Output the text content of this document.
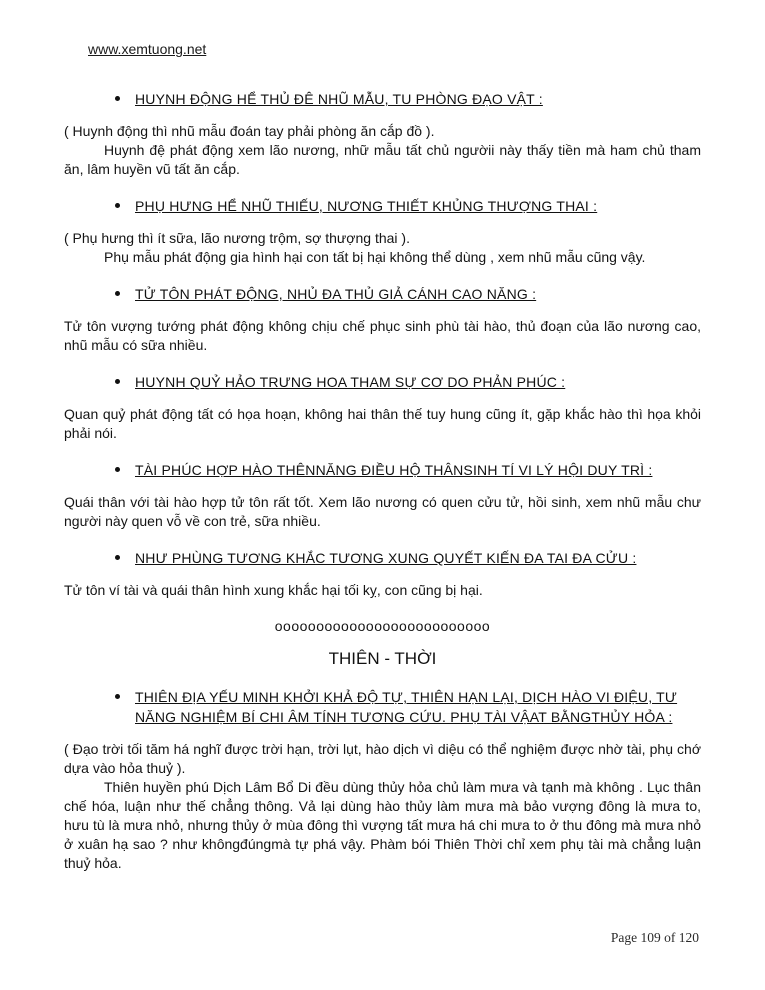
www.xemtuong.net
HUYNH ĐỘNG HỂ THỦ ĐÊ NHŨ MẪU, TU PHÒNG ĐẠO VẬT :

( Huynh động thì nhũ mẫu đoán tay phải phòng ăn cắp đồ ).

Huynh đệ phát động xem lão nương, nhữ mẫu tất chủ ngườii này thấy tiền mà ham chủ tham ăn, lâm huyền vũ tất ăn cắp.

PHỤ HƯNG HỂ NHŨ THIẾU, NƯƠNG THIẾT KHỦNG THƯỢNG THAI :

( Phụ hưng thì ít sữa, lão nương trộm, sợ thượng thai ).

Phụ mẫu phát động gia hình hại con tất bị hại không thể dùng , xem nhũ mẫu cũng vậy.

TỬ TÔN PHÁT ĐỘNG, NHỦ ĐA THỦ GIẢ CÁNH CAO NĂNG :

Tử tôn vượng tướng phát động không chịu chế phục sinh phù tài hào, thủ đoạn của lão nương cao, nhũ mẫu có sữa nhiều.

HUYNH QUỶ HẢO TRƯNG HOA THAM SỰ CƠ DO PHẢN PHÚC :

Quan quỷ phát động tất có họa hoạn, không hai thân thế tuy hung cũng ít, gặp khắc hào thì họa khỏi phải nói.

TÀI PHÚC HỢP HÀO THÊNNĂNG ĐIỀU HỘ THÂNSINH TÍ VI LÝ HỘI DUY TRÌ :

Quái thân với tài hào hợp tử tôn rất tốt. Xem lão nương có quen cửu tử, hồi sinh, xem nhũ mẫu chư người này quen vỗ về con trẻ, sữa nhiều.

NHƯ PHÙNG TƯƠNG KHẮC TƯƠNG XUNG QUYẾT KIẾN ĐA TAI ĐA CỬU :

Tử tôn ví tài và quái thân hình xung khắc hại tối kỵ, con cũng bị hại.

oooooooooooooooooooooooooo
THIÊN - THỜI
THIÊN ĐỊA YẾU MINH KHỞI KHẢ ĐỘ TỰ, THIÊN HẠN LẠI, DỊCH HÀO VI ĐIỆU, TƯ NĂNG NGHIỆM BÍ CHI ÂM TÍNH TƯƠNG CỨU. PHỤ TÀI VẬAT BẰNGTHỦY HỎA :

( Đạo trời tối tăm há nghĩ được trời hạn, trời lụt, hào dịch vì diệu có thể nghiệm được nhờ tài, phụ chớ dựa vào hỏa thuỷ ).

Thiên huyền phú Dịch Lâm Bổ Di đều dùng thủy hỏa chủ làm mưa và tạnh mà không . Lục thân chế hóa, luận như thế chẳng thông. Vả lại dùng hào thủy làm mưa mà bảo vượng đông là mưa to, hưu tù là mưa nhỏ, nhưng thủy ở mùa đông thì vượng tất mưa há chi mưa to ở thu đông mà mưa nhỏ ở xuân hạ sao ? như khôngđúngmà tự phá vậy. Phàm bói Thiên Thời chỉ xem phụ tài mà chẳng luận thuỷ hỏa.

Page 109 of 120
